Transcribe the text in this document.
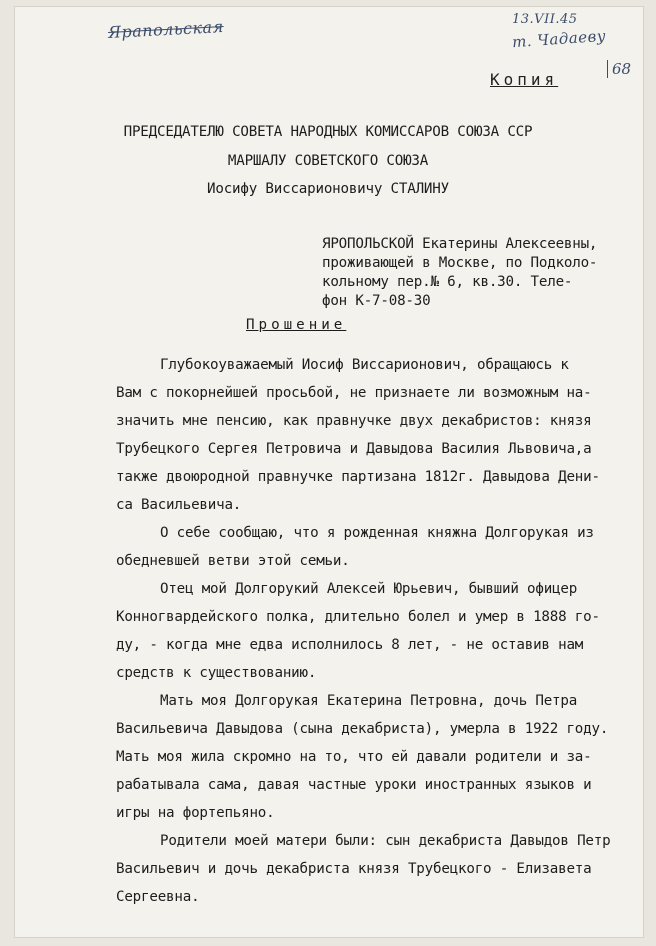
Ярапольская	13.VII.45
т. Чадаеву
Копия
68
ПРЕДСЕДАТЕЛЮ СОВЕТА НАРОДНЫХ КОМИССАРОВ СОЮЗА ССР
МАРШАЛУ СОВЕТСКОГО СОЮЗА
Иосифу Виссарионовичу СТАЛИНУ
ЯРОПОЛЬСКОЙ Екатерины Алексеевны,
проживающей в Москве, по Подколо-
кольному пер.№ 6, кв.30. Теле-
фон К-7-08-30
Прошение
Глубокоуважаемый Иосиф Виссарионович, обращаюсь к
Вам с покорнейшей просьбой, не признаете ли возможным на-
значить мне пенсию, как правнучке двух декабристов: князя
Трубецкого Сергея Петровича и Давыдова Василия Львовича,а
также двоюродной правнучке партизана 1812г. Давыдова Дени-
са Васильевича.
О себе сообщаю, что я рожденная княжна Долгорукая из
обедневшей ветви этой семьи.
Отец мой Долгорукий Алексей Юрьевич, бывший офицер
Конногвардейского полка, длительно болел и умер в 1888 го-
ду, - когда мне едва исполнилось 8 лет, - не оставив нам
средств к существованию.
Мать моя Долгорукая Екатерина Петровна, дочь Петра
Васильевича Давыдова (сына декабриста), умерла в 1922 году.
Мать моя жила скромно на то, что ей давали родители и за-
рабатывала сама, давая частные уроки иностранных языков и
игры на фортепьяно.
Родители моей матери были: сын декабриста Давыдов Петр
Васильевич и дочь декабриста князя Трубецкого - Елизавета
Сергеевна.
